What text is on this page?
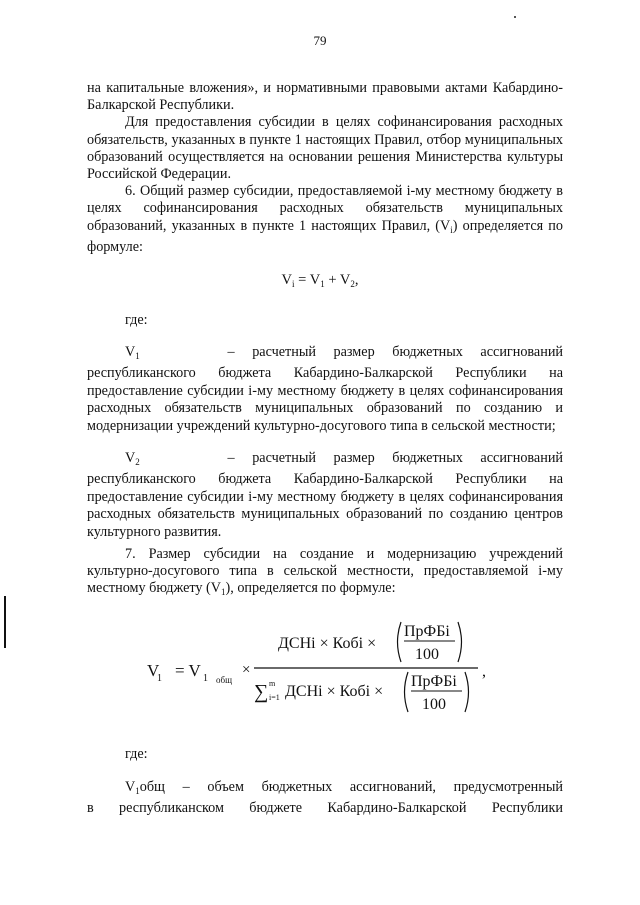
79

на капитальные вложения», и нормативными правовыми актами Кабардино-Балкарской Республики.

Для предоставления субсидии в целях софинансирования расходных обязательств, указанных в пункте 1 настоящих Правил, отбор муниципальных образований осуществляется на основании решения Министерства культуры Российской Федерации.

6. Общий размер субсидии, предоставляемой i-му местному бюджету в целях софинансирования расходных обязательств муниципальных образований, указанных в пункте 1 настоящих Правил, $(V_i)$ определяется по формуле:

$V_i = V_1 + V_2$,
где:
$V_1$	– расчетный размер бюджетных ассигнований
республиканского бюджета Кабардино-Балкарской Республики на предоставление субсидии i-му местному бюджету в целях софинансирования расходных обязательств муниципальных образований по созданию и модернизации учреждений культурно-досугового типа в сельской местности;
$V_2$	– расчетный размер бюджетных ассигнований
республиканского бюджета Кабардино-Балкарской Республики на предоставление субсидии i-му местному бюджету в целях софинансирования расходных обязательств муниципальных образований по созданию центров культурного развития.

7. Размер субсидии на создание и модернизацию учреждений культурно-досугового типа в сельской местности, предоставляемой i-му местному бюджету $(V_1)$, определяется по формуле:

V
1 = V 1 общ
×
ДСНi × Кобi ×
ПрФБi
100
∑ m
i=1 ДСНi × Кобi ×
ПрФБi
100
,
где:
$V_1общ$ – объем бюджетных ассигнований, предусмотренный
в республиканском бюджете Кабардино-Балкарской Республики
